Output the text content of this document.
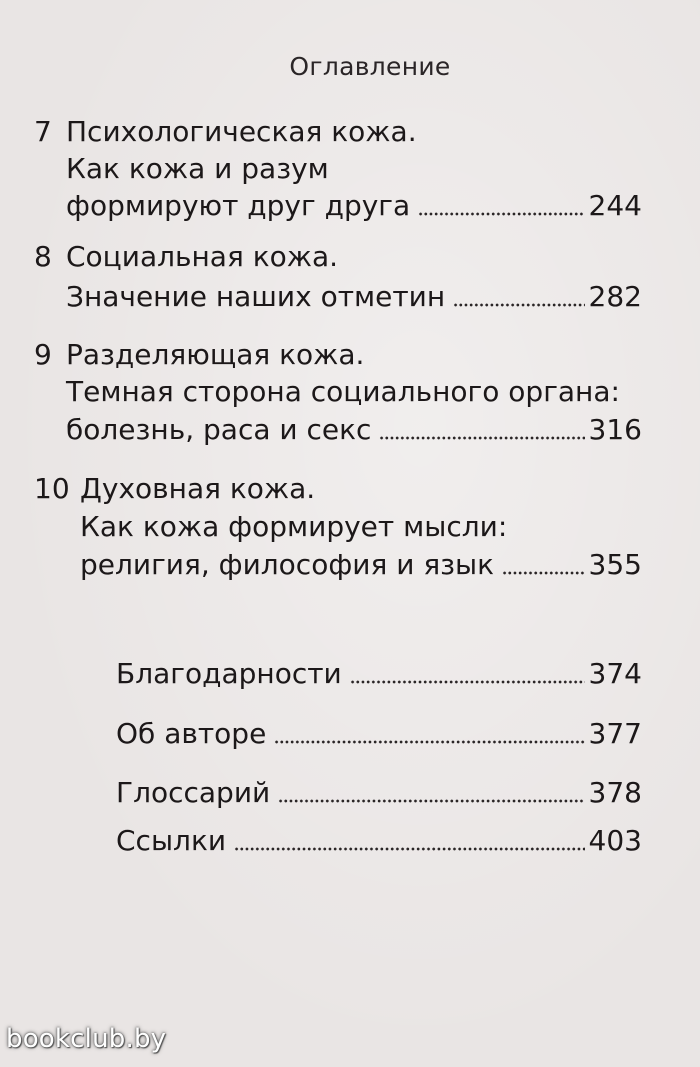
Оглавление
7 Психологическая кожа.
Как кожа и разум
формируют друг друга	244
8 Социальная кожа.
Значение наших отметин	282
9 Разделяющая кожа.
Темная сторона социального органа:
болезнь, раса и секс	316
10 Духовная кожа.
Как кожа формирует мысли:
религия, философия и язык	355
Благодарности	374
Об авторе	377
Глоссарий	378
Ссылки	403
bookclub.by
